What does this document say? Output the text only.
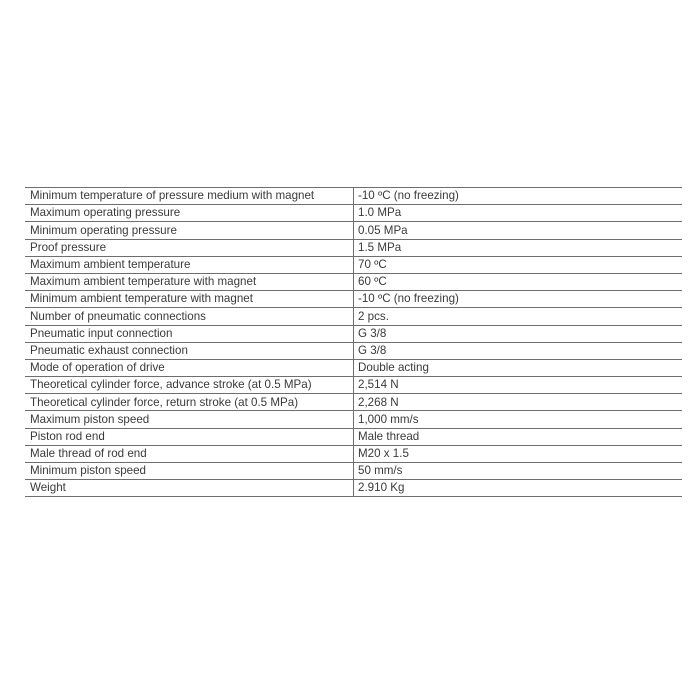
Minimum temperature of pressure medium with magnet	-10 ºC (no freezing)
Maximum operating pressure	1.0 MPa
Minimum operating pressure	0.05 MPa
Proof pressure	1.5 MPa
Maximum ambient temperature	70 ºC
Maximum ambient temperature with magnet	60 ºC
Minimum ambient temperature with magnet	-10 ºC (no freezing)
Number of pneumatic connections	2 pcs.
Pneumatic input connection	G 3/8
Pneumatic exhaust connection	G 3/8
Mode of operation of drive	Double acting
Theoretical cylinder force, advance stroke (at 0.5 MPa)	2,514 N
Theoretical cylinder force, return stroke (at 0.5 MPa)	2,268 N
Maximum piston speed	1,000 mm/s
Piston rod end	Male thread
Male thread of rod end	M20 x 1.5
Minimum piston speed	50 mm/s
Weight	2.910 Kg
